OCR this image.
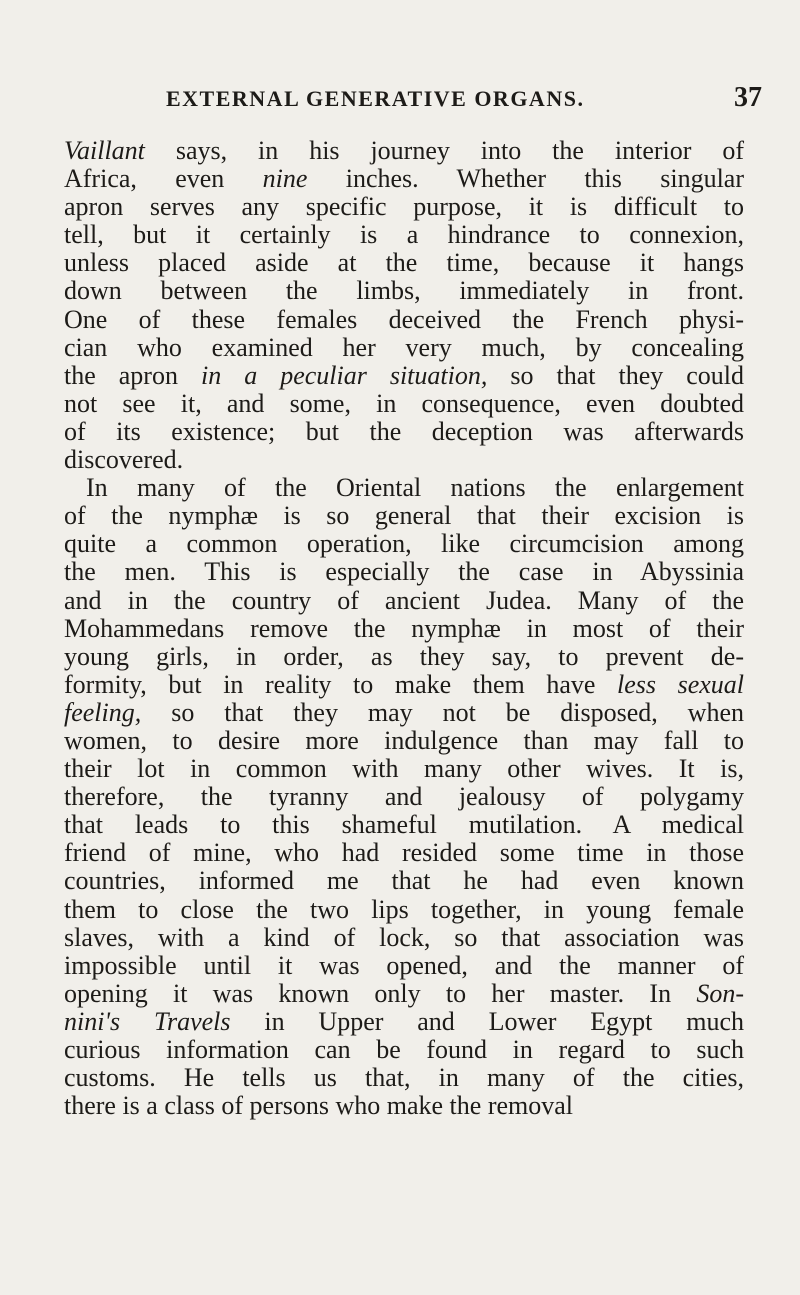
EXTERNAL GENERATIVE ORGANS.	37
Vaillant says, in his journey into the interior of
Africa, even nine inches. Whether this singular
apron serves any specific purpose, it is difficult to
tell, but it certainly is a hindrance to connexion,
unless placed aside at the time, because it hangs
down between the limbs, immediately in front.
One of these females deceived the French physi-
cian who examined her very much, by concealing
the apron in a peculiar situation, so that they could
not see it, and some, in consequence, even doubted
of its existence; but the deception was afterwards
discovered.
In many of the Oriental nations the enlargement
of the nymphæ is so general that their excision is
quite a common operation, like circumcision among
the men. This is especially the case in Abyssinia
and in the country of ancient Judea. Many of the
Mohammedans remove the nymphæ in most of their
young girls, in order, as they say, to prevent de-
formity, but in reality to make them have less sexual
feeling, so that they may not be disposed, when
women, to desire more indulgence than may fall to
their lot in common with many other wives. It is,
therefore, the tyranny and jealousy of polygamy
that leads to this shameful mutilation. A medical
friend of mine, who had resided some time in those
countries, informed me that he had even known
them to close the two lips together, in young female
slaves, with a kind of lock, so that association was
impossible until it was opened, and the manner of
opening it was known only to her master. In Son-
nini's Travels in Upper and Lower Egypt much
curious information can be found in regard to such
customs. He tells us that, in many of the cities,
there is a class of persons who make the removal
